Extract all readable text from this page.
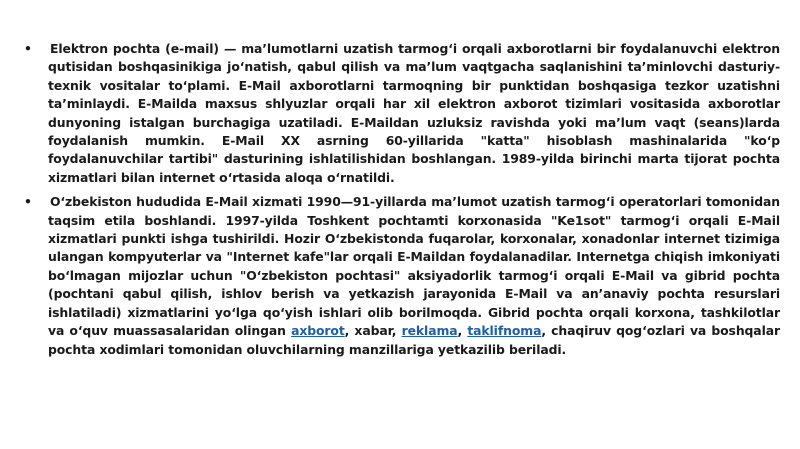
•	Elektron pochta (e-mail) — ma’lumotlarni uzatish tarmog‘i orqali axborotlarni bir foydalanuvchi elektron qutisidan boshqasinikiga jo‘natish, qabul qilish va ma’lum vaqtgacha saqlanishini ta’minlovchi dasturiy-texnik vositalar to‘plami. E-Mail axborotlarni tarmoqning bir punktidan boshqasiga tezkor uzatishni ta’minlaydi. E-Mailda maxsus shlyuzlar orqali har xil elektron axborot tizimlari vositasida axborotlar dunyoning istalgan burchagiga uzatiladi. E-Maildan uzluksiz ravishda yoki ma’lum vaqt (seans)larda foydalanish mumkin. E-Mail XX asrning 60-yillarida "katta" hisoblash mashinalarida "ko‘p foydalanuvchilar tartibi" dasturining ishlatilishidan boshlangan. 1989-yilda birinchi marta tijorat pochta xizmatlari bilan internet o‘rtasida aloqa o‘rnatildi.
•	O‘zbekiston hududida E-Mail xizmati 1990—91-yillarda ma’lumot uzatish tarmog‘i operatorlari tomonidan taqsim etila boshlandi. 1997-yilda Toshkent pochtamti korxonasida "Ke1sot" tarmog‘i orqali E-Mail xizmatlari punkti ishga tushirildi. Hozir O‘zbekistonda fuqarolar, korxonalar, xonadonlar internet tizimiga ulangan kompyuterlar va "Internet kafe"lar orqali E-Maildan foydalanadilar. Internetga chiqish imkoniyati bo‘lmagan mijozlar uchun "O‘zbekiston pochtasi" aksiyadorlik tarmog‘i orqali E-Mail va gibrid pochta (pochtani qabul qilish, ishlov berish va yetkazish jarayonida E-Mail va an’anaviy pochta resurslari ishlatiladi) xizmatlarini yo‘lga qo‘yish ishlari olib borilmoqda. Gibrid pochta orqali korxona, tashkilotlar va o‘quv muassasalaridan olingan axborot, xabar, reklama, taklifnoma, chaqiruv qog‘ozlari va boshqalar pochta xodimlari tomonidan oluvchilarning manzillariga yetkazilib beriladi.
